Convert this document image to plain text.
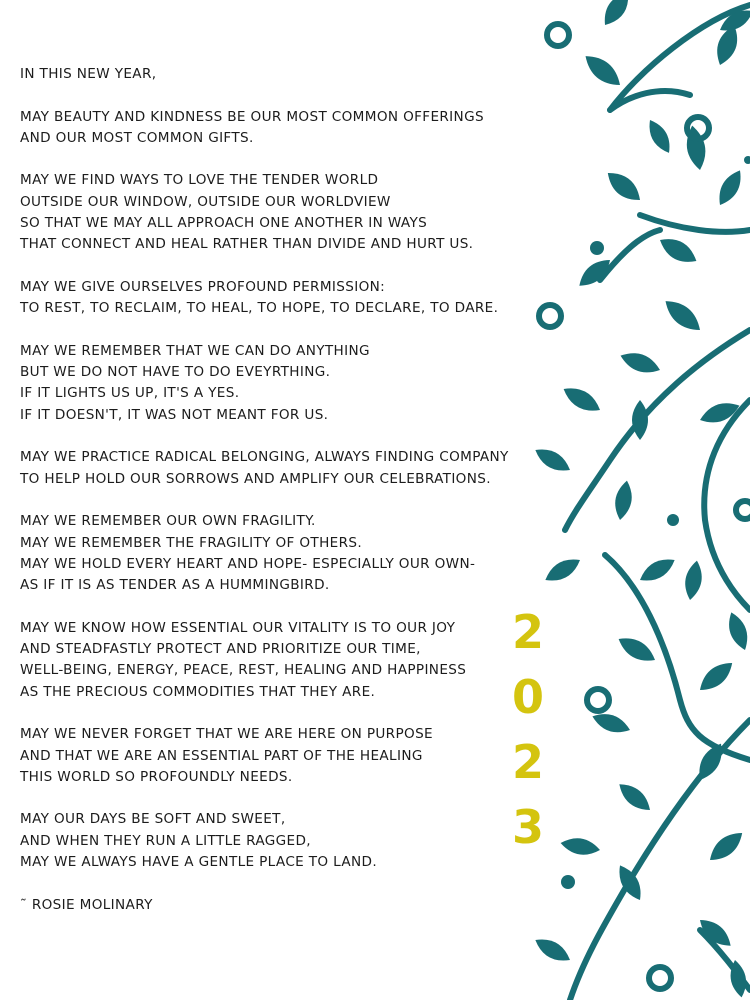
IN THIS NEW YEAR,
MAY BEAUTY AND KINDNESS BE OUR MOST COMMON OFFERINGS
AND OUR MOST COMMON GIFTS.
MAY WE FIND WAYS TO LOVE THE TENDER WORLD
OUTSIDE OUR WINDOW, OUTSIDE OUR WORLDVIEW
SO THAT WE MAY ALL APPROACH ONE ANOTHER IN WAYS
THAT CONNECT AND HEAL RATHER THAN DIVIDE AND HURT US.
MAY WE GIVE OURSELVES PROFOUND PERMISSION:
TO REST, TO RECLAIM, TO HEAL, TO HOPE, TO DECLARE, TO DARE.
MAY WE REMEMBER THAT WE CAN DO ANYTHING
BUT WE DO NOT HAVE TO DO EVEYRTHING.
IF IT LIGHTS US UP, IT'S A YES.
IF IT DOESN'T, IT WAS NOT MEANT FOR US.
MAY WE PRACTICE RADICAL BELONGING, ALWAYS FINDING COMPANY
TO HELP HOLD OUR SORROWS AND AMPLIFY OUR CELEBRATIONS.
MAY WE REMEMBER OUR OWN FRAGILITY.
MAY WE REMEMBER THE FRAGILITY OF OTHERS.
MAY WE HOLD EVERY HEART AND HOPE- ESPECIALLY OUR OWN-
AS IF IT IS AS TENDER AS A HUMMINGBIRD.
MAY WE KNOW HOW ESSENTIAL OUR VITALITY IS TO OUR JOY
AND STEADFASTLY PROTECT AND PRIORITIZE OUR TIME,
WELL-BEING, ENERGY, PEACE, REST, HEALING AND HAPPINESS
AS THE PRECIOUS COMMODITIES THAT THEY ARE.
MAY WE NEVER FORGET THAT WE ARE HERE ON PURPOSE
AND THAT WE ARE AN ESSENTIAL PART OF THE HEALING
THIS WORLD SO PROFOUNDLY NEEDS.
MAY OUR DAYS BE SOFT AND SWEET,
AND WHEN THEY RUN A LITTLE RAGGED,
MAY WE ALWAYS HAVE A GENTLE PLACE TO LAND.
˜ ROSIE MOLINARY
2
0
2
3
